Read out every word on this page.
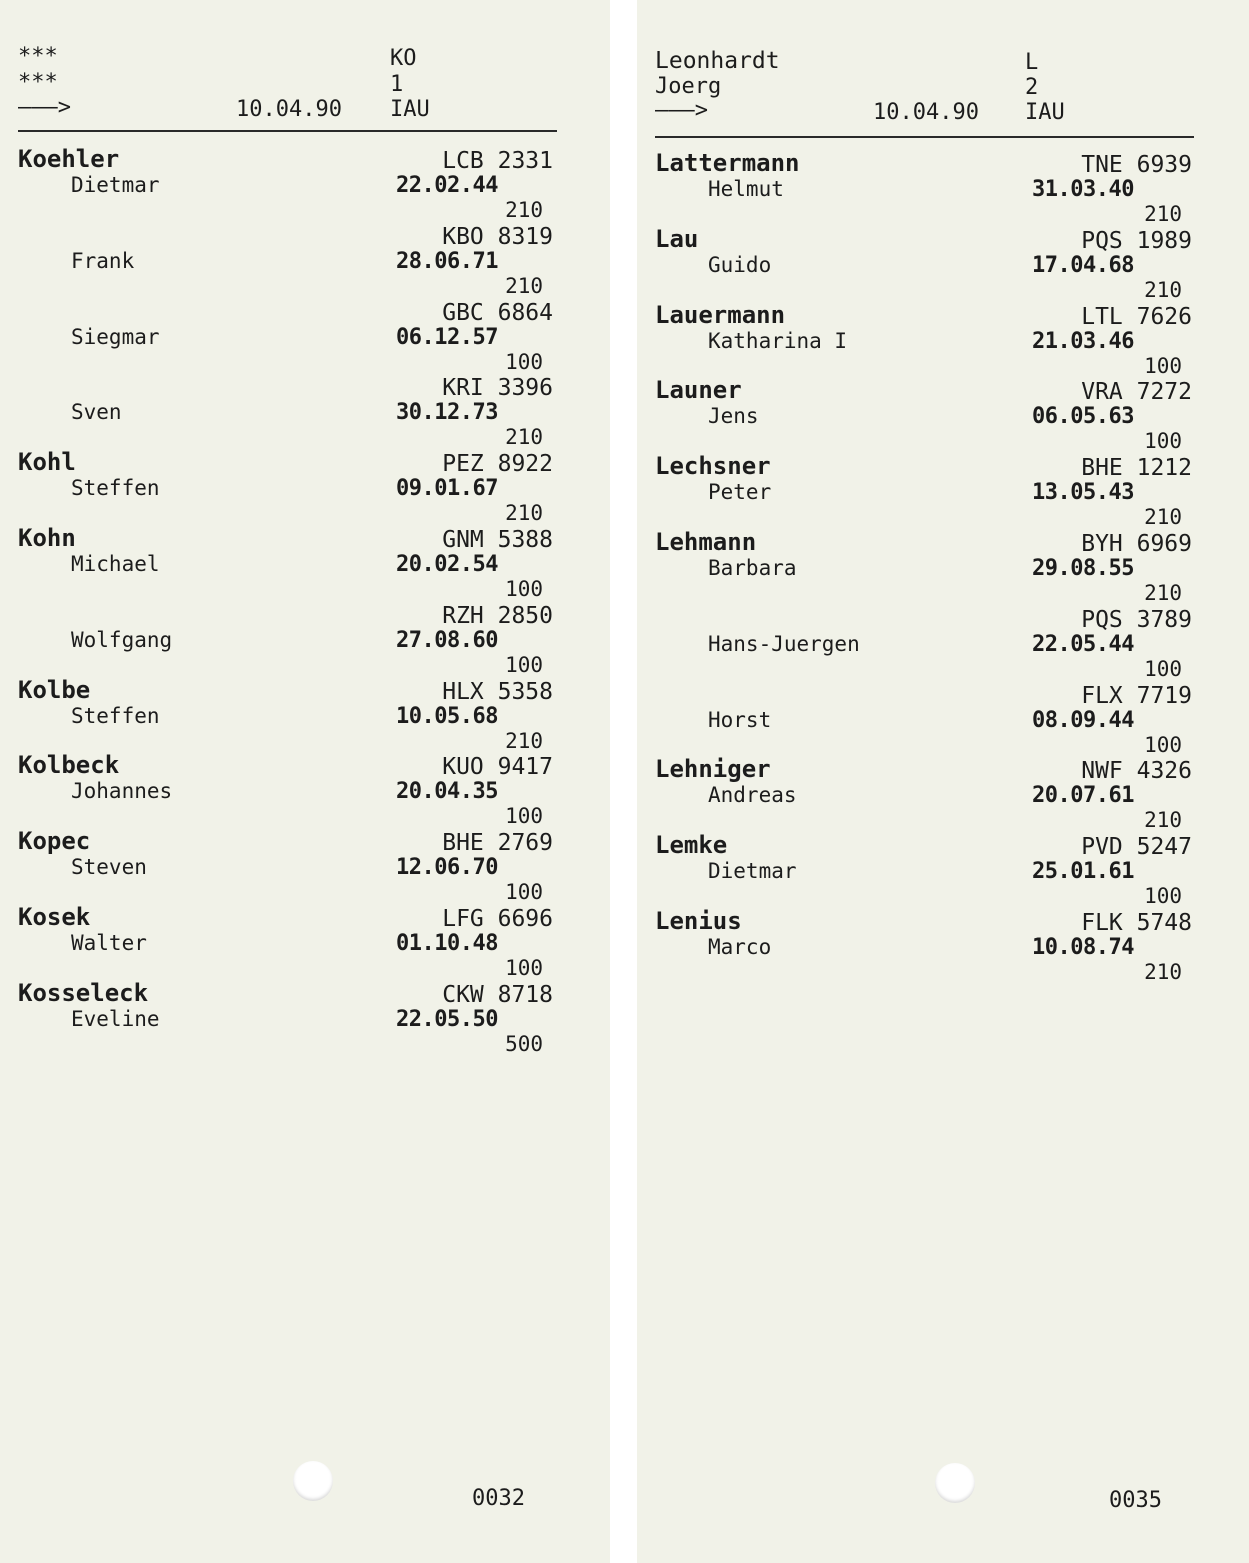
***
***
———>	10.04.90
KO
1
IAU
Koehler
Dietmar
LCB 2331
22.02.44
210
Frank
KBO 8319
28.06.71
210
Siegmar
GBC 6864
06.12.57
100
Sven
KRI 3396
30.12.73
210
Kohl
Steffen
PEZ 8922
09.01.67
210
Kohn
Michael
GNM 5388
20.02.54
100
Wolfgang
RZH 2850
27.08.60
100
Kolbe
Steffen
HLX 5358
10.05.68
210
Kolbeck
Johannes
KUO 9417
20.04.35
100
Kopec
Steven
BHE 2769
12.06.70
100
Kosek
Walter
LFG 6696
01.10.48
100
Kosseleck
Eveline
CKW 8718
22.05.50
500
0032
Leonhardt
Joerg
———>	10.04.90
L
2
IAU
Lattermann
Helmut
TNE 6939
31.03.40
210
Lau
Guido
PQS 1989
17.04.68
210
Lauermann
Katharina I
LTL 7626
21.03.46
100
Launer
Jens
VRA 7272
06.05.63
100
Lechsner
Peter
BHE 1212
13.05.43
210
Lehmann
Barbara
BYH 6969
29.08.55
210
Hans-Juergen
PQS 3789
22.05.44
100
Horst
FLX 7719
08.09.44
100
Lehniger
Andreas
NWF 4326
20.07.61
210
Lemke
Dietmar
PVD 5247
25.01.61
100
Lenius
Marco
FLK 5748
10.08.74
210
0035
